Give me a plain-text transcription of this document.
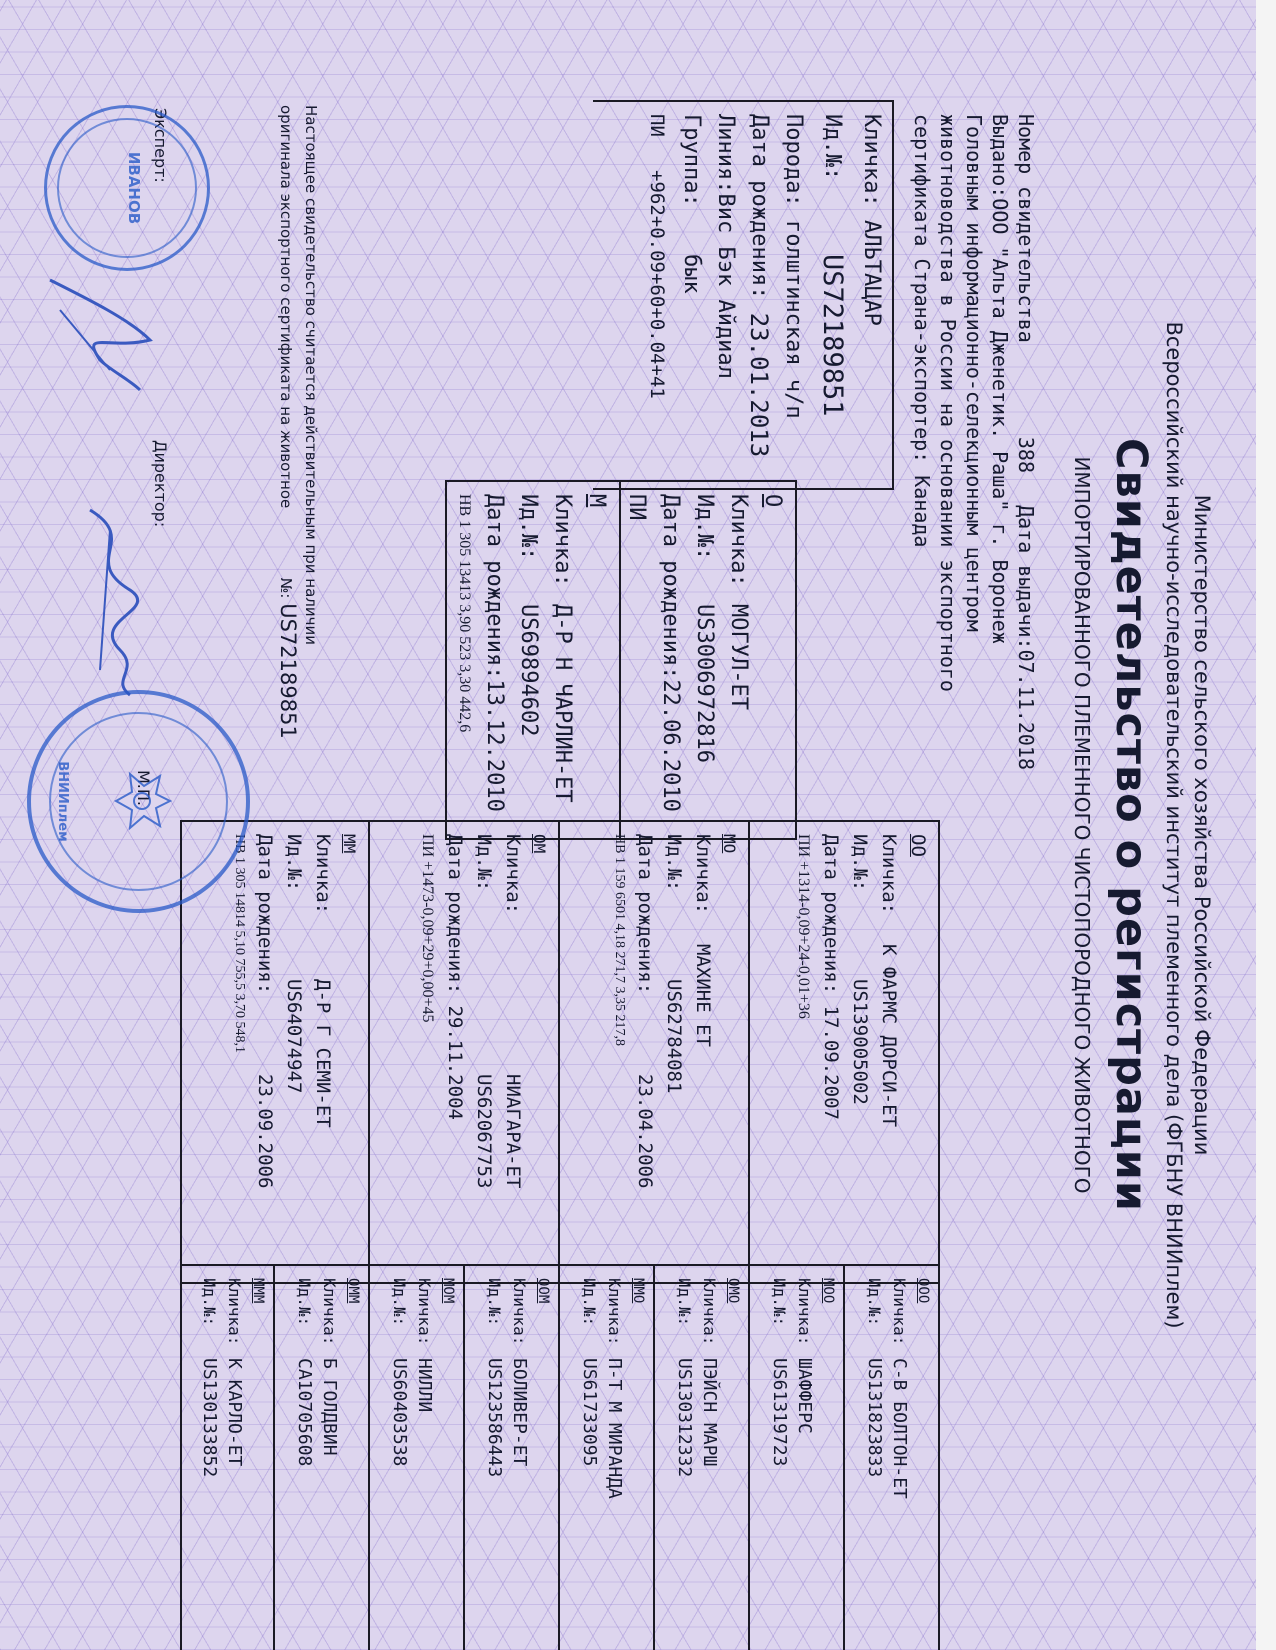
Министерство сельского хозяйства Российской Федерации
Всероссийский научно-исследовательский институт племенного дела (ФГБНУ ВНИИплем)
Свидетельство о регистрации
ИМПОРТИРОВАННОГО ПЛЕМЕННОГО ЧИСТОПОРОДНОГО ЖИВОТНОГО
Номер свидетельства  388  Дата выдачи:07.11.2018
Выдано:ООО "Альта Дженетик. Раша" г. Воронеж
Головным информационно-селекционным центром
животноводства в России на основании экспортного
сертификата Страна-экспортер: Канада
Кличка:

АЛЬТАЦАР
Ид.№:
US72189851
Порода:

голштинская ч/п
Дата рождения:

23.01.2013
Линия:
Вис Бэк Айдиал
Группа:
бык
ПИ
+962+0.09+60+0.04+41
О
Кличка:
МОГУЛ-ЕТ
Ид.№:
US3006972816
Дата рождения:
22.06.2010
ПИ
М
Кличка:
Д-Р Н ЧАРЛИН-ЕТ
Ид.№:
US69894602
Дата рождения:
13.12.2010
НВ 1 305 13413 3,90 523 3,30 442,6
ОО
Кличка:
К ФАРМС ДОРСИ-ЕТ
Ид.№:
US139005002
Дата рождения:

17.09.2007
ПИ +1314-0,09+24-0,01+36
МО
Кличка:
МАХИНЕ ЕТ
Ид.№:
US62784081
Дата рождения:
23.04.2006
НВ 1 159 6501 4,18 271,7 3,35 217,8
ОМ
Кличка:
НИАГАРА-ЕТ
Ид.№:
US62067753
Дата рождения:

29.11.2004
ПИ +1473-0,09+29+0,00+45
ММ
Кличка:
Д-Р Г СЕМИ-ЕТ
Ид.№:
US64074947
Дата рождения:
23.09.2006
НВ 1 305 14814 5,10 755,5 3,70 548,1
ООО
Кличка:
С-В БОЛТОН-ЕТ
Ид.№:
US131823833
МОО
Кличка:
ШАФФЕРС
Ид.№:
US61319723
ОМО
Кличка:
ПЭЙСН МАРШ
Ид.№:
US130312332
ММО
Кличка:
П-Т М МИРАНДА
Ид.№:
US61733095
ООМ
Кличка:
БОЛИВЕР-ЕТ
Ид.№:
US123586443
МОМ
Кличка:
НИЛЛИ
Ид.№:
US60403538
ОММ
Кличка:
Б ГОЛДВИН
Ид.№:
CA10705608
МММ
Кличка:
К КАРЛО-ЕТ
Ид.№:
US130133852
Настоящее свидетельство считается действительным при наличии
оригинала экспортного сертификата на животное  №: US72189851
Эксперт:
Директор:
М.П.
ИВАНОВ
ВНИИплем
